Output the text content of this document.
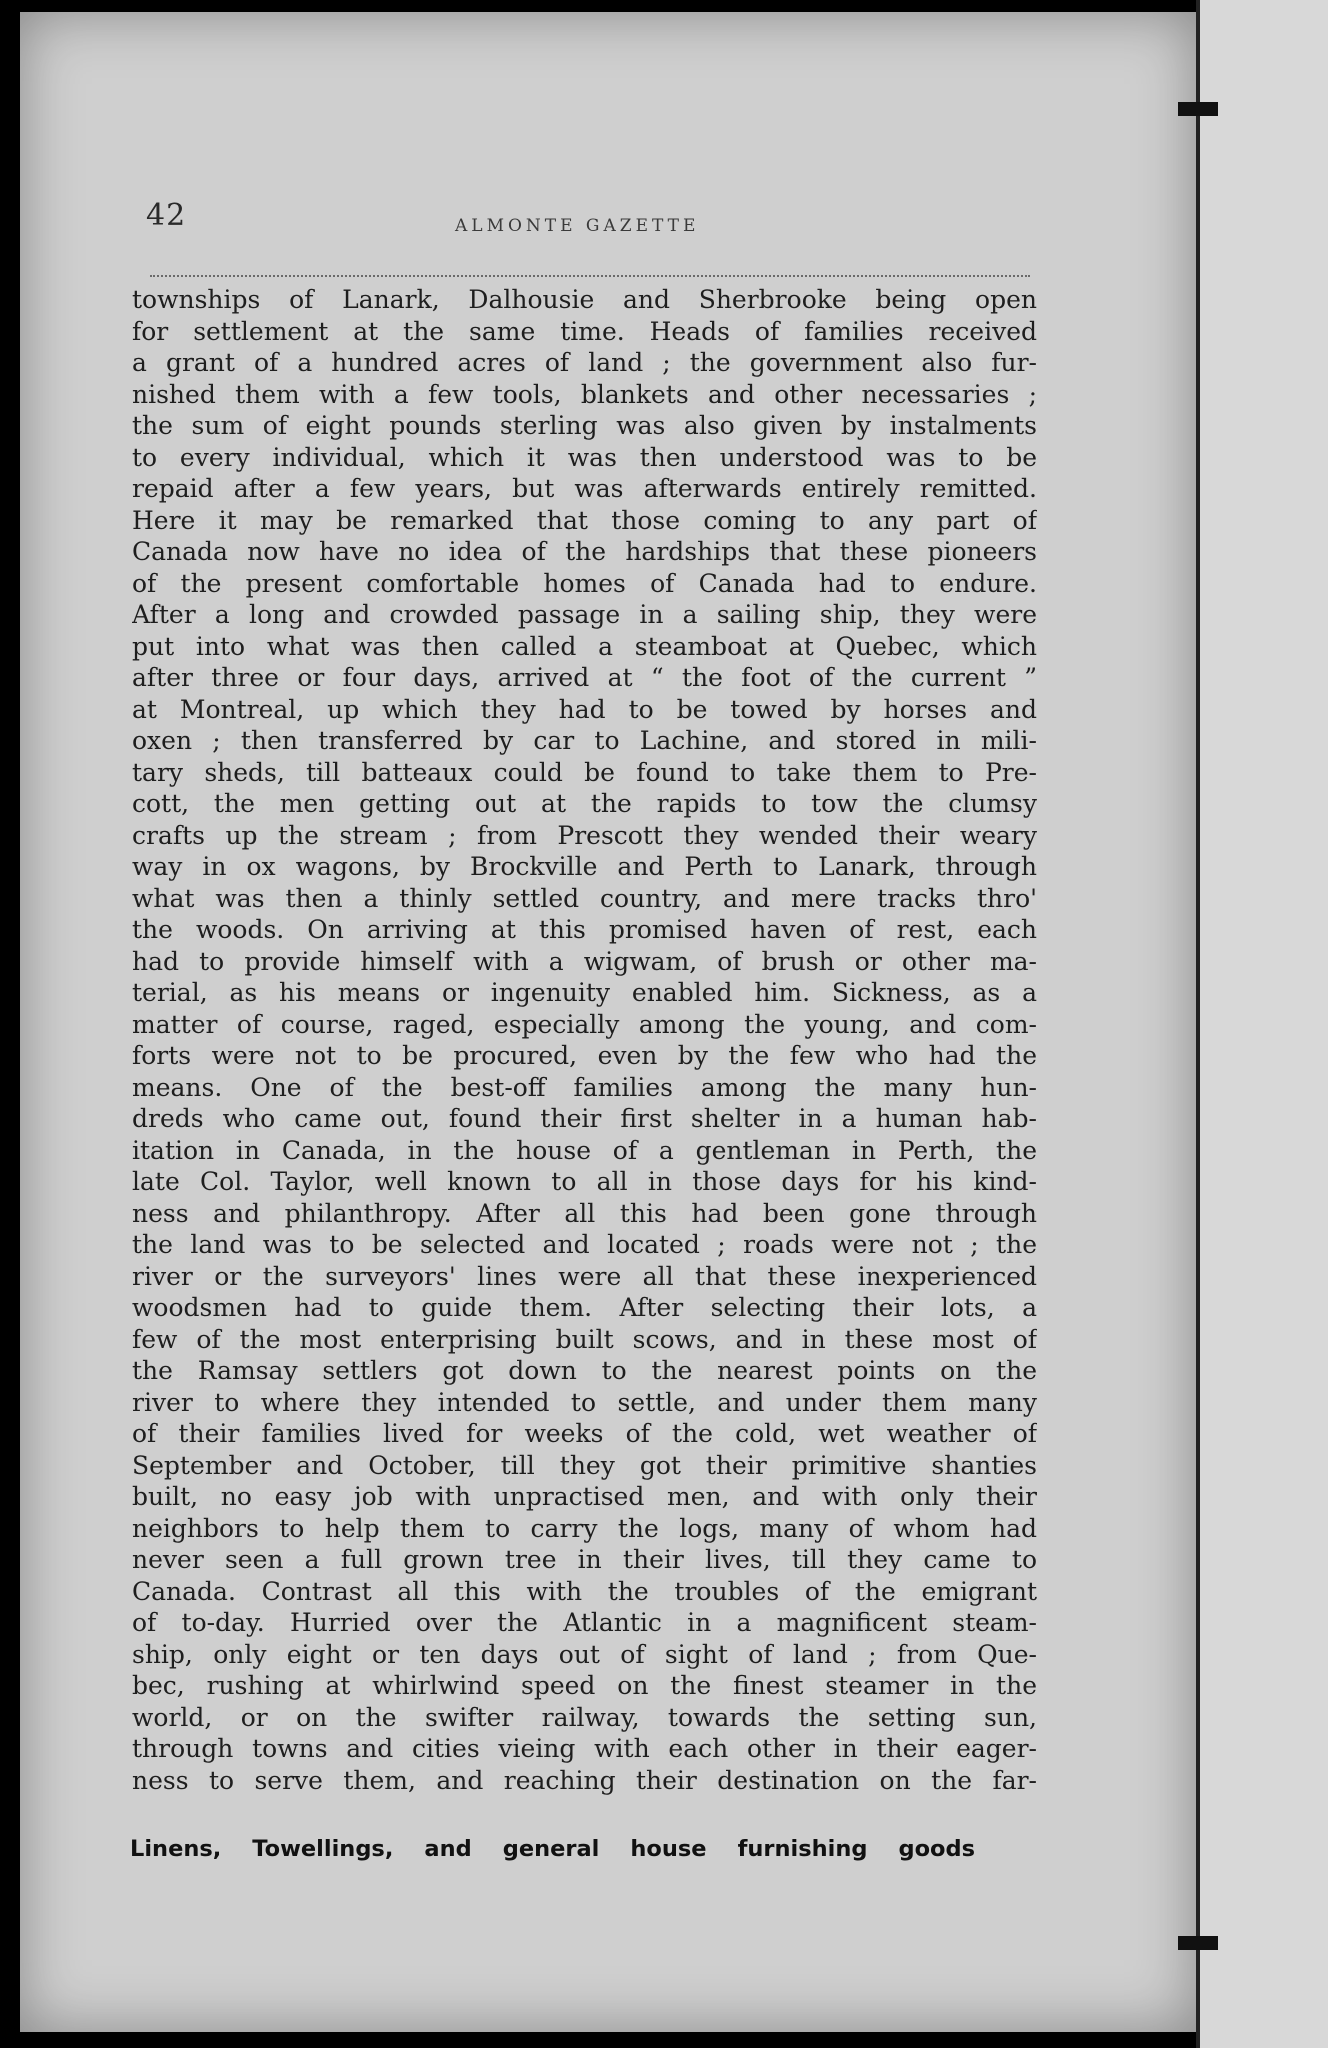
42	ALMONTE GAZETTE
townships of Lanark, Dalhousie and Sherbrooke being open
for settlement at the same time. Heads of families received
a grant of a hundred acres of land ; the government also fur-
nished them with a few tools, blankets and other necessaries ;
the sum of eight pounds sterling was also given by instalments
to every individual, which it was then understood was to be
repaid after a few years, but was afterwards entirely remitted.
Here it may be remarked that those coming to any part of
Canada now have no idea of the hardships that these pioneers
of the present comfortable homes of Canada had to endure.
After a long and crowded passage in a sailing ship, they were
put into what was then called a steamboat at Quebec, which
after three or four days, arrived at “ the foot of the current ”
at Montreal, up which they had to be towed by horses and
oxen ; then transferred by car to Lachine, and stored in mili-
tary sheds, till batteaux could be found to take them to Pre-
cott, the men getting out at the rapids to tow the clumsy
crafts up the stream ; from Prescott they wended their weary
way in ox wagons, by Brockville and Perth to Lanark, through
what was then a thinly settled country, and mere tracks thro'
the woods. On arriving at this promised haven of rest, each
had to provide himself with a wigwam, of brush or other ma-
terial, as his means or ingenuity enabled him. Sickness, as a
matter of course, raged, especially among the young, and com-
forts were not to be procured, even by the few who had the
means. One of the best-off families among the many hun-
dreds who came out, found their first shelter in a human hab-
itation in Canada, in the house of a gentleman in Perth, the
late Col. Taylor, well known to all in those days for his kind-
ness and philanthropy. After all this had been gone through
the land was to be selected and located ; roads were not ; the
river or the surveyors' lines were all that these inexperienced
woodsmen had to guide them. After selecting their lots, a
few of the most enterprising built scows, and in these most of
the Ramsay settlers got down to the nearest points on the
river to where they intended to settle, and under them many
of their families lived for weeks of the cold, wet weather of
September and October, till they got their primitive shanties
built, no easy job with unpractised men, and with only their
neighbors to help them to carry the logs, many of whom had
never seen a full grown tree in their lives, till they came to
Canada. Contrast all this with the troubles of the emigrant
of to-day. Hurried over the Atlantic in a magnificent steam-
ship, only eight or ten days out of sight of land ; from Que-
bec, rushing at whirlwind speed on the finest steamer in the
world, or on the swifter railway, towards the setting sun,
through towns and cities vieing with each other in their eager-
ness to serve them, and reaching their destination on the far-
Linens, Towellings, and general house furnishing goods
